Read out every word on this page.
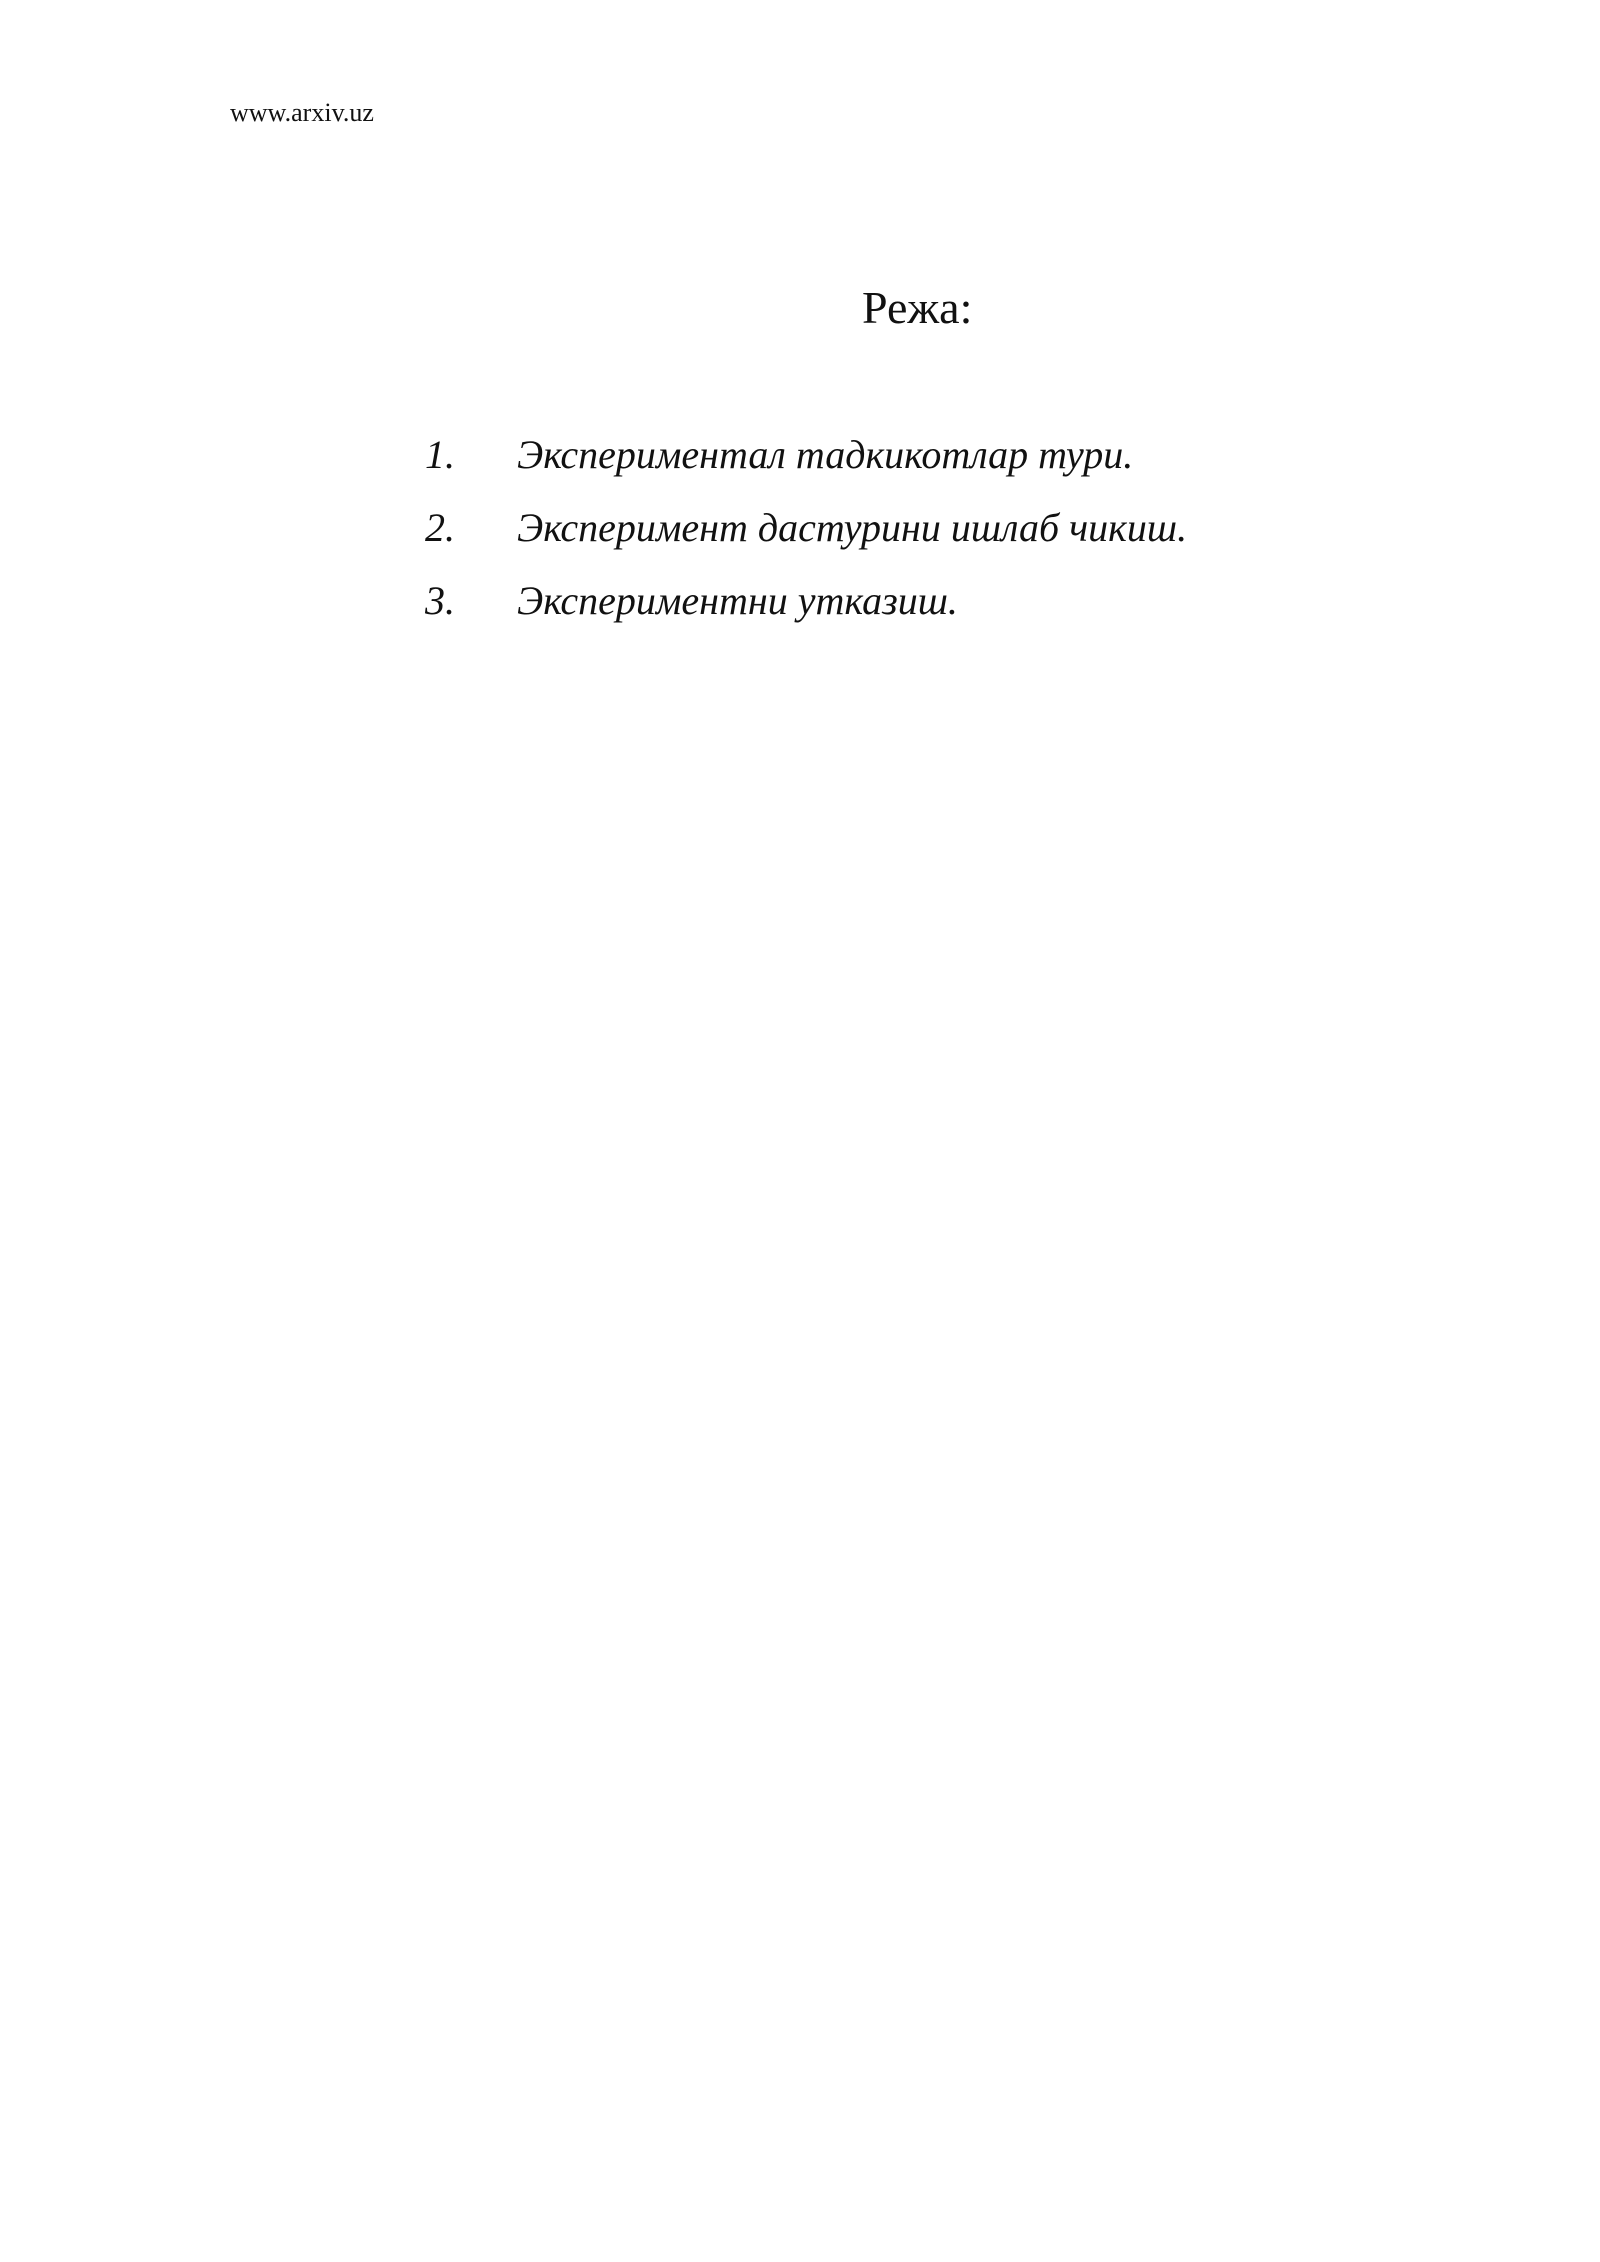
www.arxiv.uz
Режа:
1. Экспериментал тадкикотлар тури.
2. Эксперимент дастурини ишлаб чикиш.
3. Экспериментни утказиш.
